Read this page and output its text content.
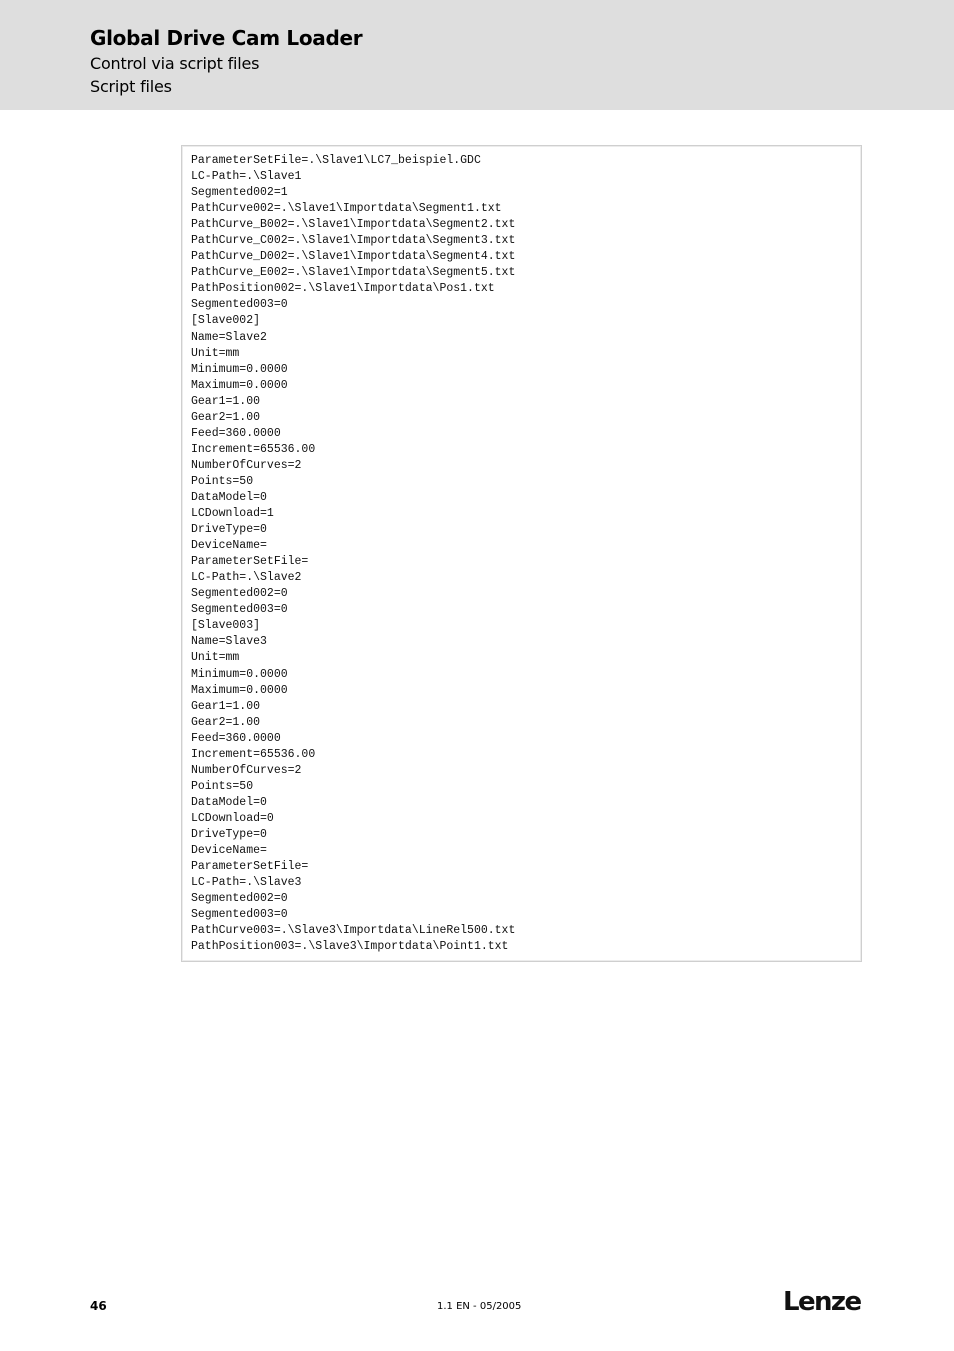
Global Drive Cam Loader
Control via script files
Script files
ParameterSetFile=.\Slave1\LC7_beispiel.GDC
LC-Path=.\Slave1
Segmented002=1
PathCurve002=.\Slave1\Importdata\Segment1.txt
PathCurve_B002=.\Slave1\Importdata\Segment2.txt
PathCurve_C002=.\Slave1\Importdata\Segment3.txt
PathCurve_D002=.\Slave1\Importdata\Segment4.txt
PathCurve_E002=.\Slave1\Importdata\Segment5.txt
PathPosition002=.\Slave1\Importdata\Pos1.txt
Segmented003=0
[Slave002]
Name=Slave2
Unit=mm
Minimum=0.0000
Maximum=0.0000
Gear1=1.00
Gear2=1.00
Feed=360.0000
Increment=65536.00
NumberOfCurves=2
Points=50
DataModel=0
LCDownload=1
DriveType=0
DeviceName=
ParameterSetFile=
LC-Path=.\Slave2
Segmented002=0
Segmented003=0
[Slave003]
Name=Slave3
Unit=mm
Minimum=0.0000
Maximum=0.0000
Gear1=1.00
Gear2=1.00
Feed=360.0000
Increment=65536.00
NumberOfCurves=2
Points=50
DataModel=0
LCDownload=0
DriveType=0
DeviceName=
ParameterSetFile=
LC-Path=.\Slave3
Segmented002=0
Segmented003=0
PathCurve003=.\Slave3\Importdata\LineRel500.txt
PathPosition003=.\Slave3\Importdata\Point1.txt
46	1.1 EN - 05/2005	Lenze
